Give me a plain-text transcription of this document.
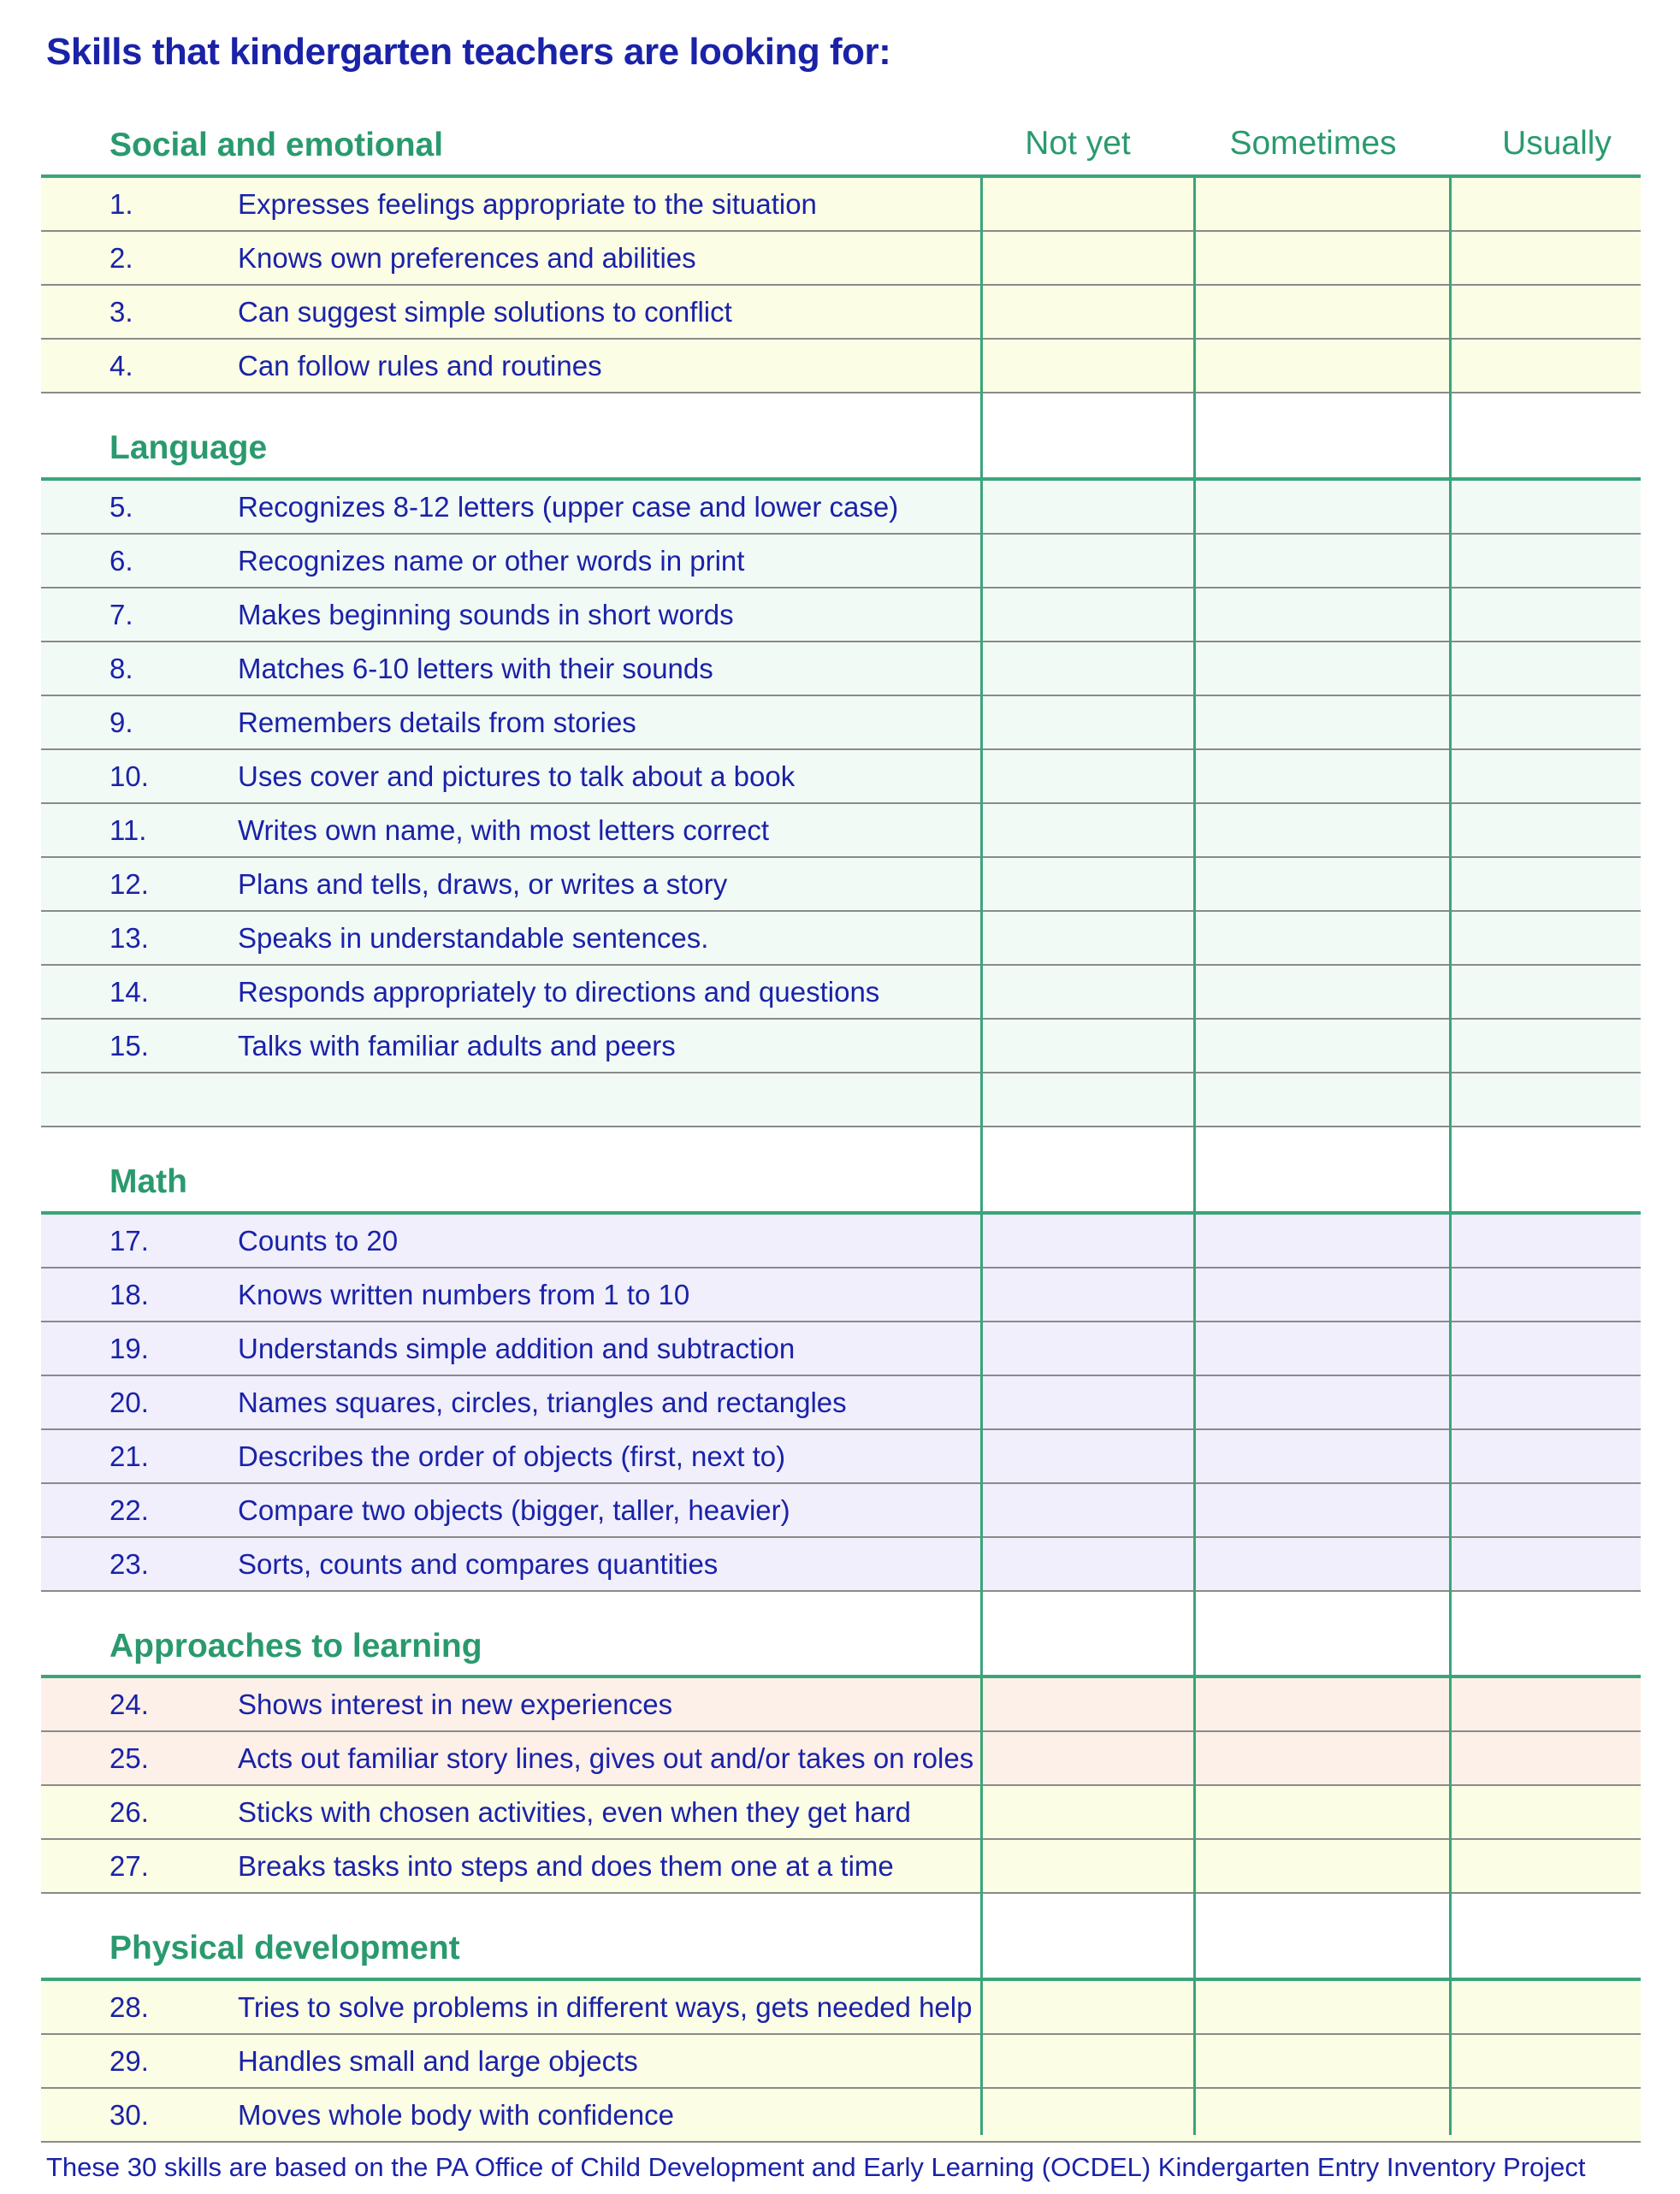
Skills that kindergarten teachers are looking for:
Not yet	Sometimes	Usually
Social and emotional
1.	Expresses feelings appropriate to the situation
2.	Knows own preferences and abilities
3.	Can suggest simple solutions to conflict
4.	Can follow rules and routines
Language
5.	Recognizes 8-12 letters (upper case and lower case)
6.	Recognizes name or other words in print
7.	Makes beginning sounds in short words
8.	Matches 6-10 letters with their sounds
9.	Remembers details from stories
10.	Uses cover and pictures to talk about a book
11.	Writes own name, with most letters correct
12.	Plans and tells, draws, or writes a story
13.	Speaks in understandable sentences.
14.	Responds appropriately to directions and questions
15.	Talks with familiar adults and peers
Math
17.	Counts to 20
18.	Knows written numbers from 1 to 10
19.	Understands simple addition and subtraction
20.	Names squares, circles, triangles and rectangles
21.	Describes the order of objects (first, next to)
22.	Compare two objects (bigger, taller, heavier)
23.	Sorts, counts and compares quantities
Approaches to learning
24.	Shows interest in new experiences
25.	Acts out familiar story lines, gives out and/or takes on roles
26.	Sticks with chosen activities, even when they get hard
27.	Breaks tasks into steps and does them one at a time
Physical development
28.	Tries to solve problems in different ways, gets needed help
29.	Handles small and large objects
30.	Moves whole body with confidence
These 30 skills are based on the PA Office of Child Development and Early Learning (OCDEL) Kindergarten Entry Inventory Project
